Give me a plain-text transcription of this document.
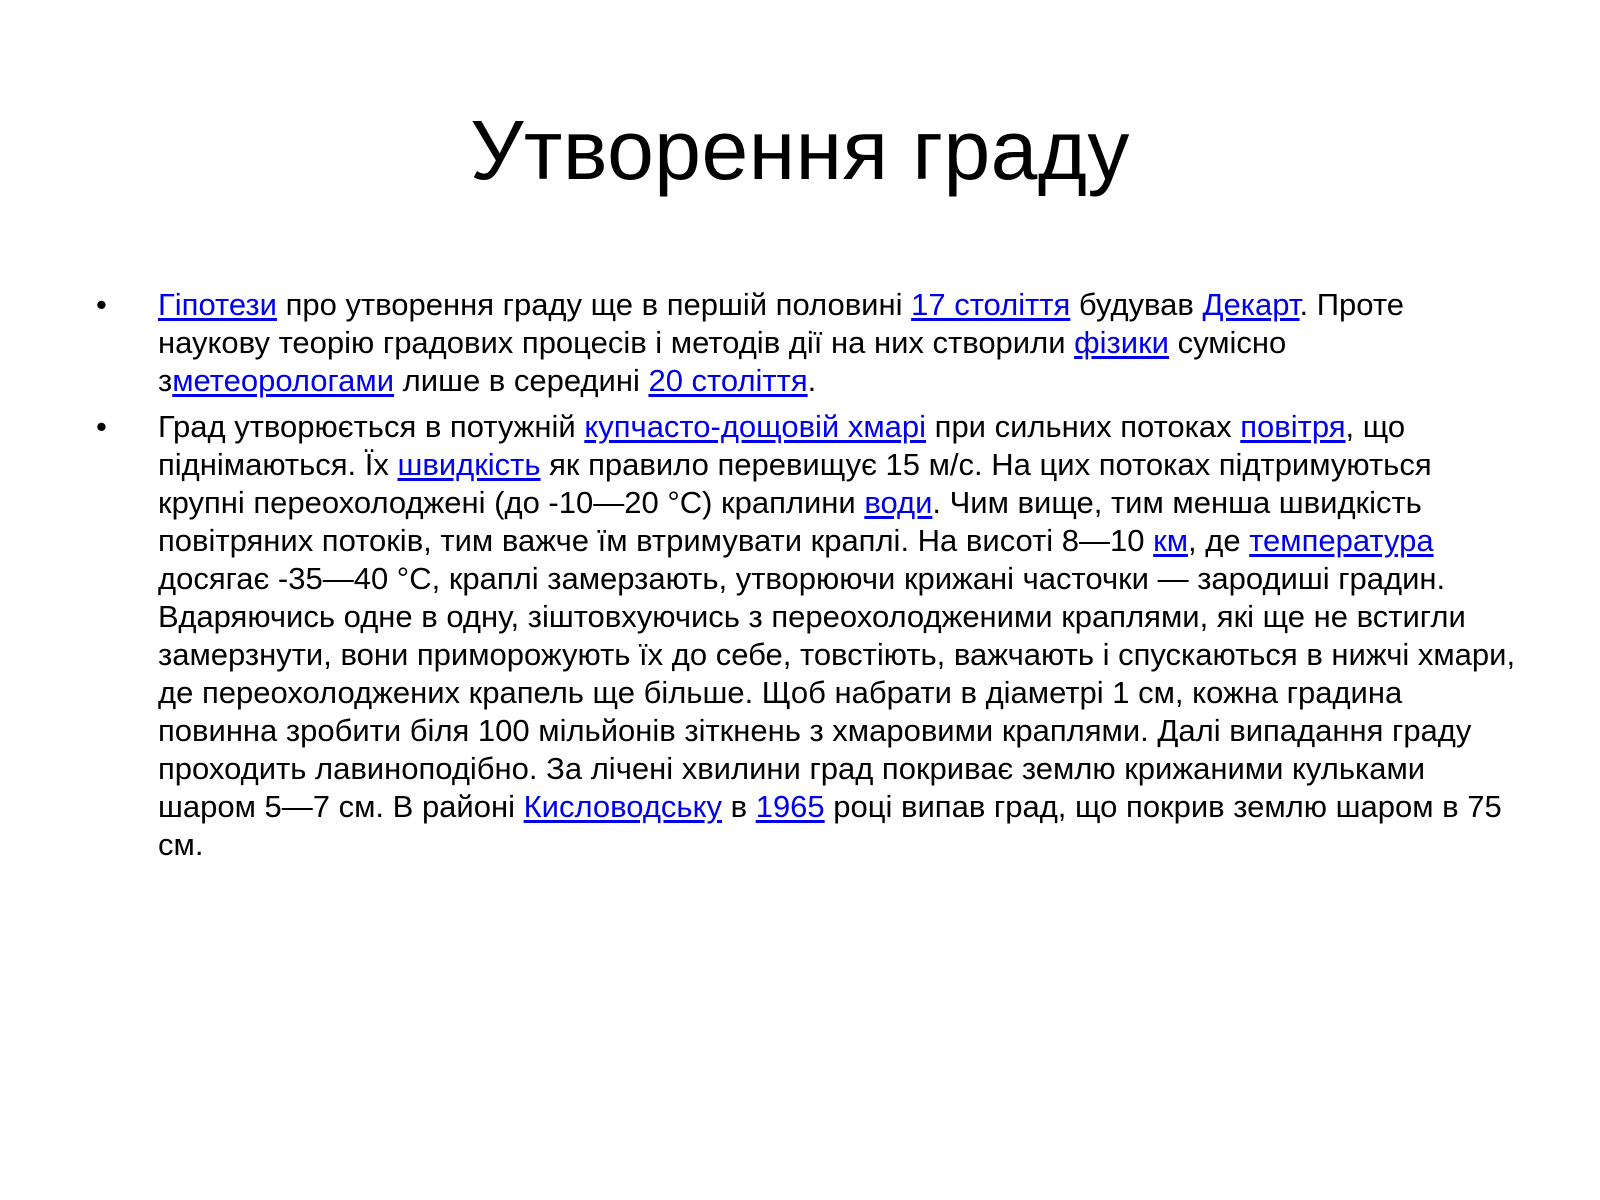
Утворення граду
•	Гіпотези про утворення граду ще в першій половині 17 століття будував Декарт. Проте наукову теорію градових процесів і методів дії на них створили фізики сумісно зметеорологами лише в середині 20 століття.
•	Град утворюється в потужній купчасто-дощовій хмарі при сильних потоках повітря, що піднімаються. Їх швидкість як правило перевищує 15 м/с. На цих потоках підтримуються крупні переохолоджені (до -10—20 °C) краплини води. Чим вище, тим менша швидкість повітряних потоків, тим важче їм втримувати краплі. На висоті 8—10 км, де температура досягає -35—40 °C, краплі замерзають, утворюючи крижані часточки — зародиші градин. Вдаряючись одне в одну, зіштовхуючись з переохолодженими краплями, які ще не встигли замерзнути, вони приморожують їх до себе, товстіють, важчають і спускаються в нижчі хмари, де переохолоджених крапель ще більше. Щоб набрати в діаметрі 1 см, кожна градина повинна зробити біля 100 мільйонів зіткнень з хмаровими краплями. Далі випадання граду проходить лавиноподібно. За лічені хвилини град покриває землю крижаними кульками шаром 5—7 см. В районі Кисловодську в 1965 році випав град, що покрив землю шаром в 75 см.
